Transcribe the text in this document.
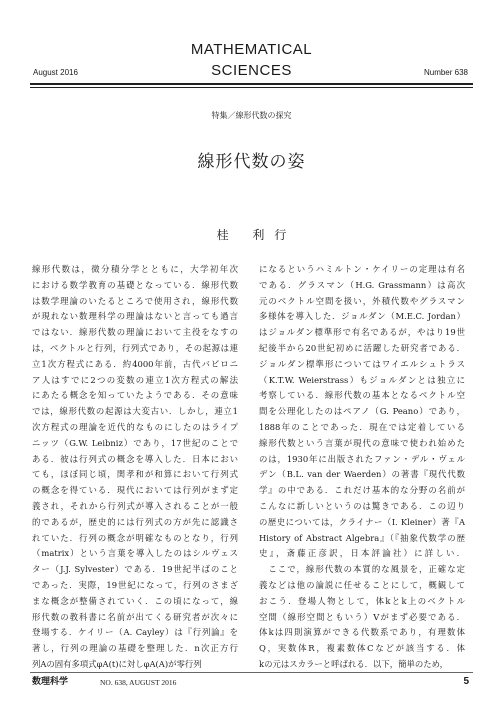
MATHEMATICAL
SCIENCES
August 2016	Number 638
特集／線形代数の探究
線形代数の姿
桂 利行
線形代数は，微分積分学とともに，大学初年次
における数学教育の基礎となっている．線形代数
は数学理論のいたるところで使用され，線形代数
が現れない数理科学の理論はないと言っても過言
ではない．線形代数の理論において主役をなすの
は，ベクトルと行列，行列式であり，その起源は連
立1次方程式にある．約4000年前，古代バビロニ
ア人はすでに2つの変数の連立1次方程式の解法
にあたる概念を知っていたようである．その意味
では，線形代数の起源は大変古い．しかし，連立1
次方程式の理論を近代的なものにしたのはライプ
ニッツ（G.W. Leibniz）であり，17世紀のことで
ある．彼は行列式の概念を導入した．日本におい
ても，ほぼ同じ頃，関孝和が和算において行列式
の概念を得ている．現代においては行列がまず定
義され，それから行列式が導入されることが一般
的であるが，歴史的には行列式の方が先に認識さ
れていた．行列の概念が明確なものとなり，行列
（matrix）という言葉を導入したのはシルヴェス
ター（J.J. Sylvester）である．19世紀半ばのこと
であった．実際，19世紀になって，行列のさまざ
まな概念が整備されていく．この頃になって，線
形代数の教科書に名前が出てくる研究者が次々に
登場する．ケイリー（A. Cayley）は『行列論』を
著し，行列の理論の基礎を整理した．n次正方行
列Aの固有多項式φA(t)に対しφA(A)が零行列
になるというハミルトン・ケイリーの定理は有名
である．グラスマン（H.G. Grassmann）は高次
元のベクトル空間を扱い，外積代数やグラスマン
多様体を導入した．ジョルダン（M.E.C. Jordan）
はジョルダン標準形で有名であるが，やはり19世
紀後半から20世紀初めに活躍した研究者である．
ジョルダン標準形についてはワイエルシュトラス
（K.T.W. Weierstrass）もジョルダンとは独立に
考察している．線形代数の基本となるベクトル空
間を公理化したのはペアノ（G. Peano）であり，
1888年のことであった．現在では定着している
線形代数という言葉が現代の意味で使われ始めた
のは，1930年に出版されたファン・デル・ヴェル
デン（B.L. van der Waerden）の著書『現代代数
学』の中である．これだけ基本的な分野の名前が
こんなに新しいというのは驚きである．この辺り
の歴史については，クライナー（I. Kleiner）著『A
History of Abstract Algebra』（『抽象代数学の歴
史』，斎藤正彦訳，日本評論社）に詳しい．
　ここで，線形代数の本質的な風景を，正確な定
義などは他の論説に任せることにして，概観して
おこう．登場人物として，体kとk上のベクトル
空間（線形空間ともいう）Vがまず必要である．
体kは四則演算ができる代数系であり，有理数体
Q，実数体R，複素数体Cなどが該当する．体
kの元はスカラーと呼ばれる．以下，簡単のため，
数理科学	NO. 638, AUGUST 2016	5
